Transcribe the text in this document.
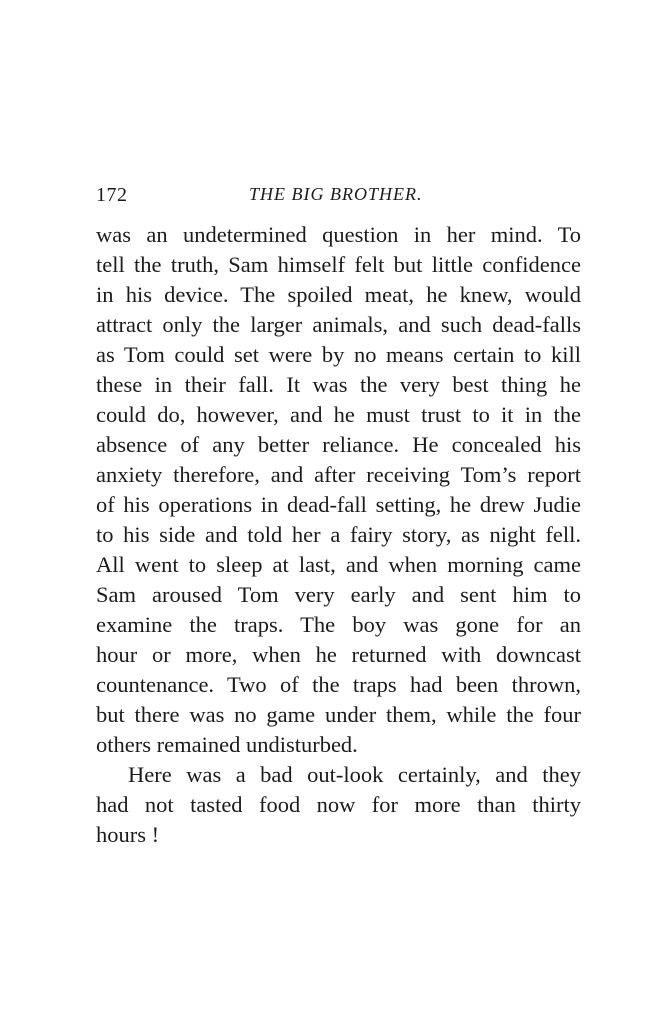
172	THE BIG BROTHER.
was an undetermined question in her mind. To
tell the truth, Sam himself felt but little confidence
in his device. The spoiled meat, he knew, would
attract only the larger animals, and such dead-falls
as Tom could set were by no means certain to kill
these in their fall. It was the very best thing he
could do, however, and he must trust to it in the
absence of any better reliance. He concealed his
anxiety therefore, and after receiving Tom’s report
of his operations in dead-fall setting, he drew Judie
to his side and told her a fairy story, as night fell.
All went to sleep at last, and when morning came
Sam aroused Tom very early and sent him to
examine the traps. The boy was gone for an
hour or more, when he returned with downcast
countenance. Two of the traps had been thrown,
but there was no game under them, while the four
others remained undisturbed.
Here was a bad out-look certainly, and they
had not tasted food now for more than thirty
hours !
